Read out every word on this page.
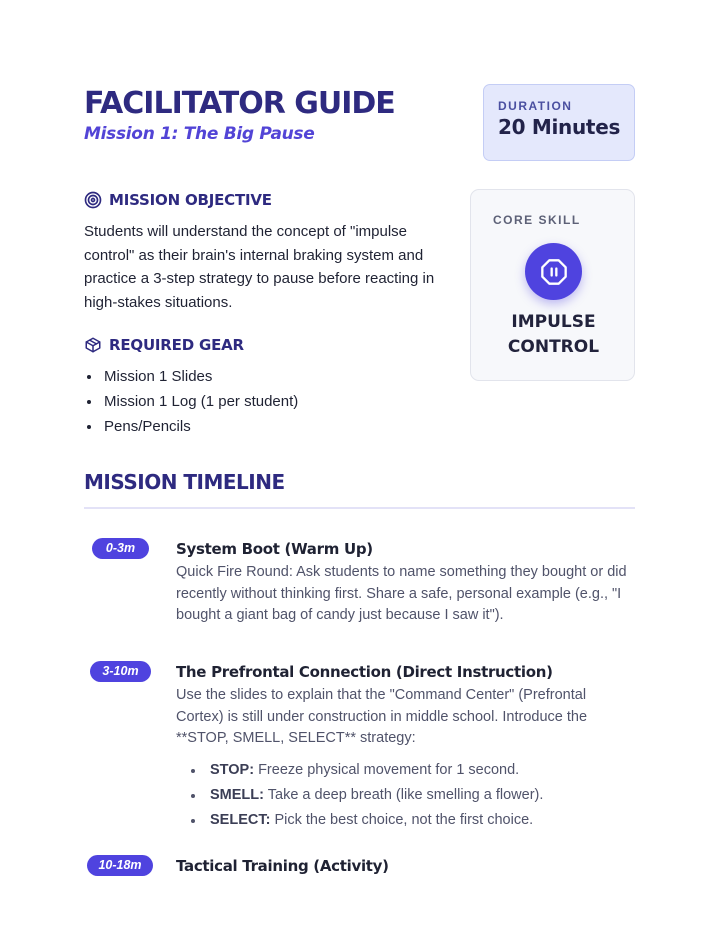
FACILITATOR GUIDE
Mission 1: The Big Pause
DURATION
20 Minutes
CORE SKILL
IMPULSE
CONTROL
MISSION OBJECTIVE
Students will understand the concept of "impulse control" as their brain's internal braking system and practice a 3-step strategy to pause before reacting in high-stakes situations.
REQUIRED GEAR
Mission 1 Slides
Mission 1 Log (1 per student)
Pens/Pencils
MISSION TIMELINE
0-3m	System Boot (Warm Up)
Quick Fire Round: Ask students to name something they bought or did recently without thinking first. Share a safe, personal example (e.g., "I bought a giant bag of candy just because I saw it").
3-10m	The Prefrontal Connection (Direct Instruction)
Use the slides to explain that the "Command Center" (Prefrontal Cortex) is still under construction in middle school. Introduce the **STOP, SMELL, SELECT** strategy:
STOP: Freeze physical movement for 1 second.
SMELL: Take a deep breath (like smelling a flower).
SELECT: Pick the best choice, not the first choice.
10-18m	Tactical Training (Activity)
